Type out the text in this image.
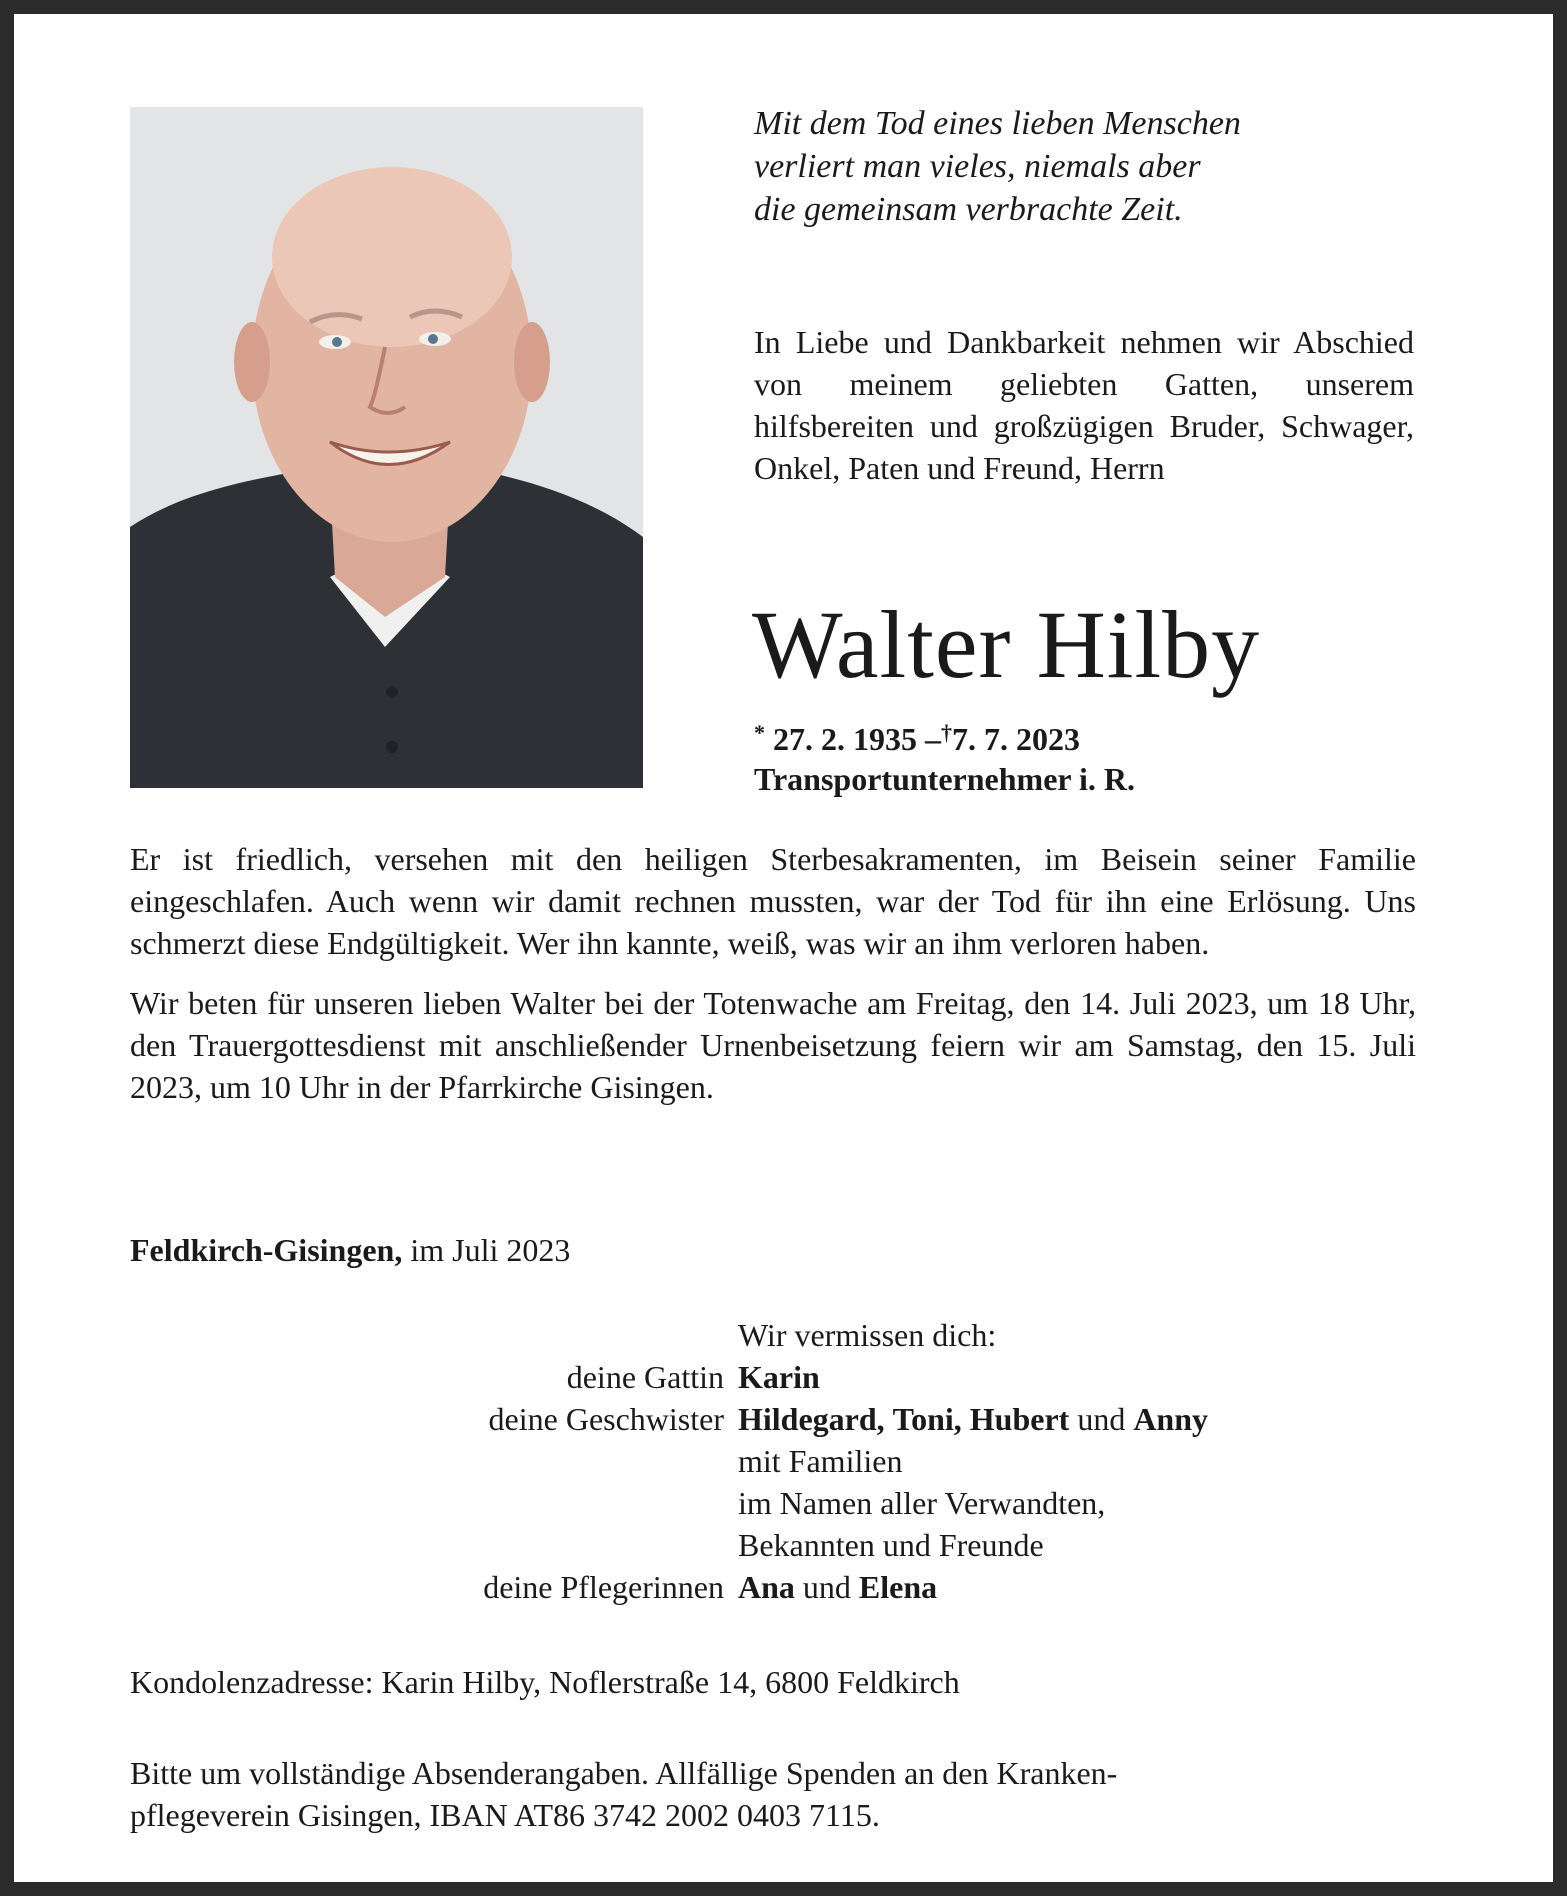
Mit dem Tod eines lieben Menschen
verliert man vieles, niemals aber
die gemeinsam verbrachte Zeit.
In Liebe und Dankbarkeit nehmen wir Abschied von meinem geliebten Gatten, unserem hilfsbereiten und großzügigen Bruder, Schwager, Onkel, Paten und Freund, Herrn
Walter Hilby
* 27. 2. 1935 –†7. 7. 2023
Transportunternehmer i. R.

Er ist friedlich, versehen mit den heiligen Sterbesakramenten, im Beisein seiner Familie eingeschlafen. Auch wenn wir damit rechnen mussten, war der Tod für ihn eine Erlösung. Uns schmerzt diese Endgültigkeit. Wer ihn kannte, weiß, was wir an ihm verloren haben.

Wir beten für unseren lieben Walter bei der Totenwache am Freitag, den 14. Juli 2023, um 18 Uhr, den Trauergottesdienst mit anschließender Urnenbeisetzung feiern wir am Samstag, den 15. Juli 2023, um 10 Uhr in der Pfarrkirche Gisingen.

Feldkirch-Gisingen, im Juli 2023
Wir vermissen dich:
deine Gattin Karin
deine Geschwister Hildegard, Toni, Hubert und Anny
mit Familien
im Namen aller Verwandten,
Bekannten und Freunde
deine Pflegerinnen Ana und Elena
Kondolenzadresse: Karin Hilby, Noflerstraße 14, 6800 Feldkirch
Bitte um vollständige Absenderangaben. Allfällige Spenden an den Kranken-
pflegeverein Gisingen, IBAN AT86 3742 2002 0403 7115.
